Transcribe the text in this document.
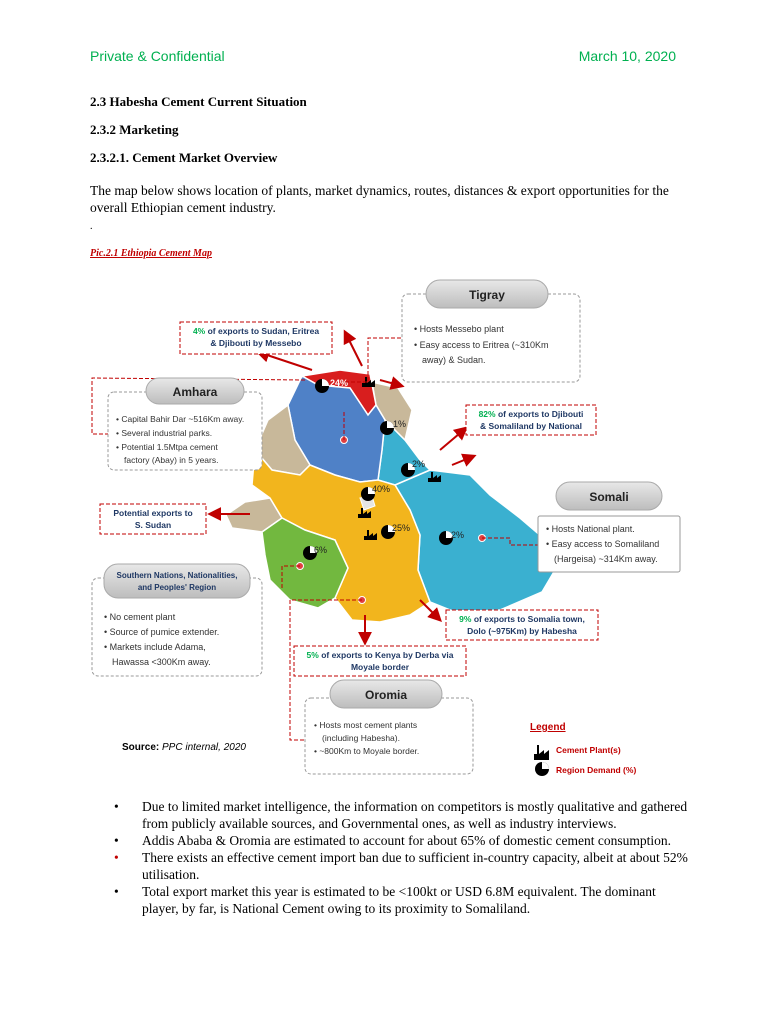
Private & Confidential	March 10, 2020
2.3 Habesha Cement Current Situation
2.3.2 Marketing
2.3.2.1. Cement Market Overview
The map below shows location of plants, market dynamics, routes, distances & export opportunities for the overall Ethiopian cement industry.
.
Pic.2.1 Ethiopia Cement Map
24%
1%
2%
40%
25%
2%
6%
4% of exports to Sudan, Eritrea
& Djibouti by Messebo
82% of exports to Djibouti
& Somaliland by National
Potential exports to
S. Sudan
9% of exports to Somalia town,
Dolo (~975Km) by Habesha
5% of exports to Kenya by Derba via
Moyale border
Tigray
• Hosts Messebo plant
• Easy access to Eritrea (~310Km
away) & Sudan.
Amhara
• Capital Bahir Dar ~516Km away.
• Several industrial parks.
• Potential 1.5Mtpa cement
factory (Abay) in 5 years.
Somali
• Hosts National plant.
• Easy access to Somaliland
(Hargeisa) ~314Km away.
Southern Nations, Nationalities,
and Peoples' Region
• No cement plant
• Source of pumice extender.
• Markets include Adama,
Hawassa <300Km away.
Oromia
• Hosts most cement plants
(including Habesha).
• ~800Km to Moyale border.
Source: PPC internal, 2020
Legend
Cement Plant(s)
Region Demand (%)
•	Due to limited market intelligence, the information on competitors is mostly qualitative and gathered from publicly available sources, and Governmental ones, as well as industry interviews.
•	Addis Ababa & Oromia are estimated to account for about 65% of domestic cement consumption.
•	There exists an effective cement import ban due to sufficient in-country capacity, albeit at about 52% utilisation.
•	Total export market this year is estimated to be <100kt or USD 6.8M equivalent. The dominant player, by far, is National Cement owing to its proximity to Somaliland.
